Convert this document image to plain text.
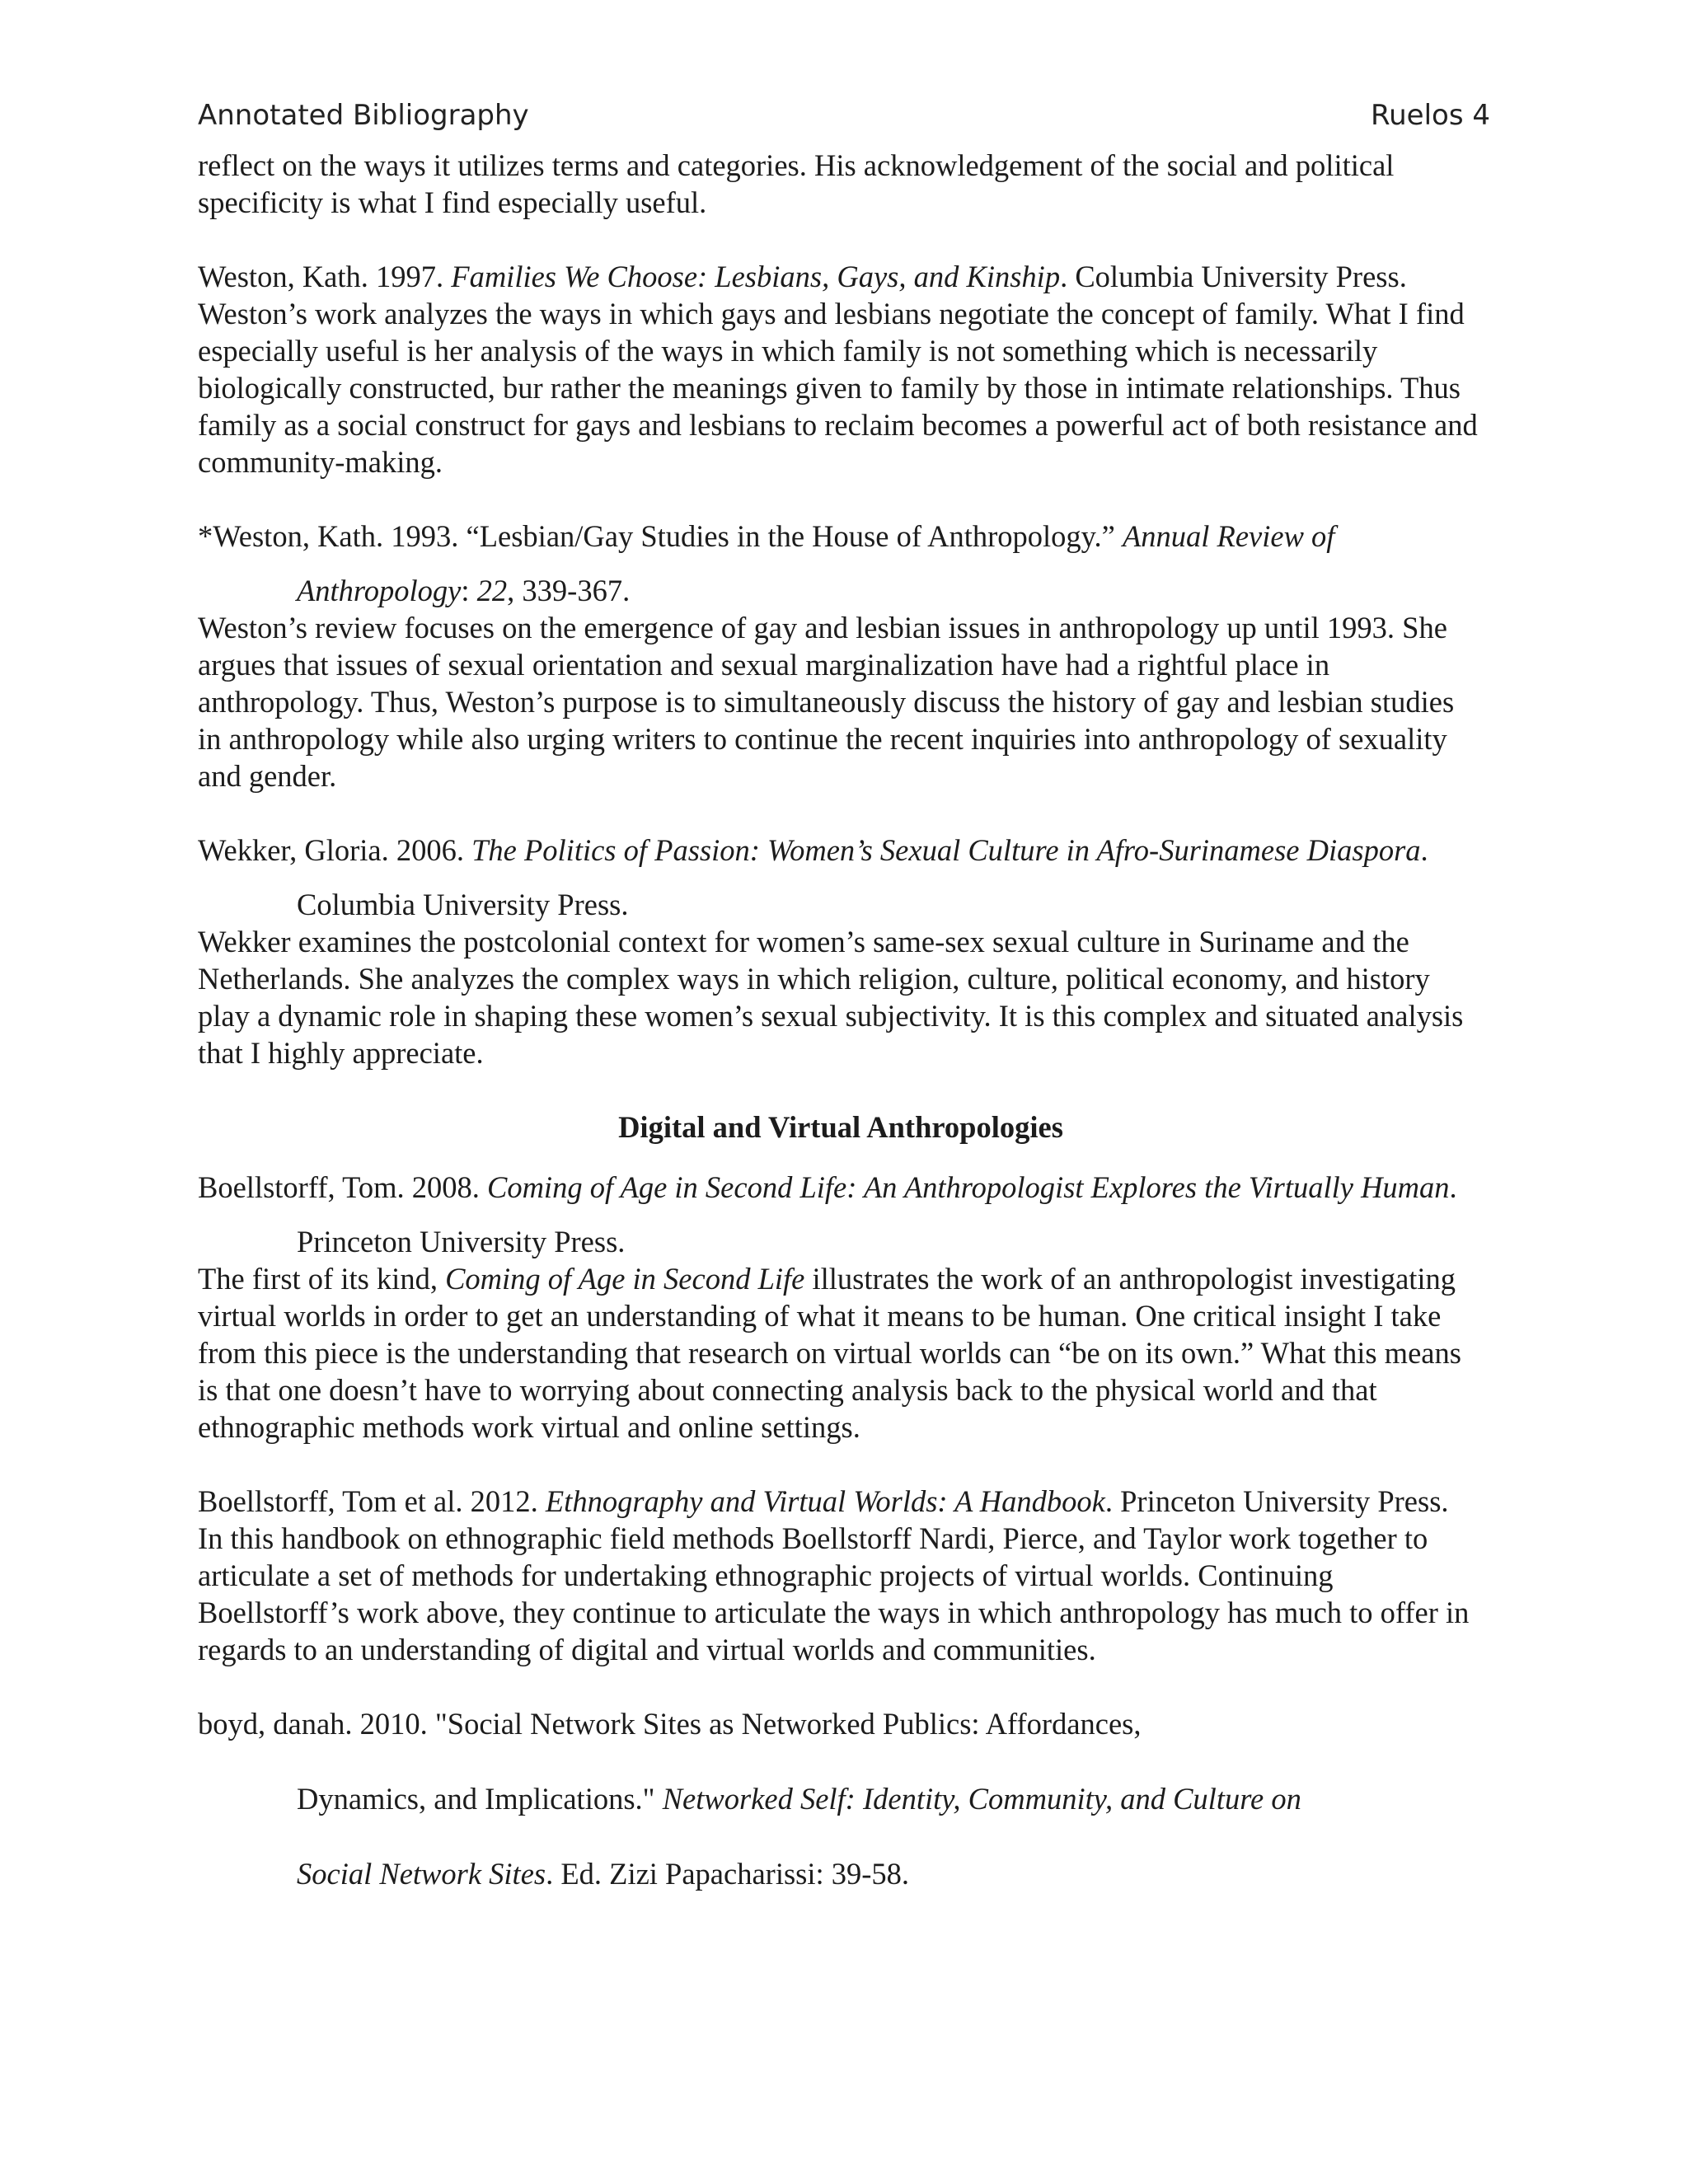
Annotated Bibliography	Ruelos 4

reflect on the ways it utilizes terms and categories. His acknowledgement of the social and political specificity is what I find especially useful.

Weston, Kath. 1997. Families We Choose: Lesbians, Gays, and Kinship. Columbia University Press.

Weston’s work analyzes the ways in which gays and lesbians negotiate the concept of family. What I find especially useful is her analysis of the ways in which family is not something which is necessarily biologically constructed, bur rather the meanings given to family by those in intimate relationships. Thus family as a social construct for gays and lesbians to reclaim becomes a powerful act of both resistance and community-making.

*Weston, Kath. 1993. “Lesbian/Gay Studies in the House of Anthropology.” Annual Review of

Anthropology: 22, 339-367.

Weston’s review focuses on the emergence of gay and lesbian issues in anthropology up until 1993. She argues that issues of sexual orientation and sexual marginalization have had a rightful place in anthropology. Thus, Weston’s purpose is to simultaneously discuss the history of gay and lesbian studies in anthropology while also urging writers to continue the recent inquiries into anthropology of sexuality and gender.

Wekker, Gloria. 2006. The Politics of Passion: Women’s Sexual Culture in Afro-Surinamese Diaspora.

Columbia University Press.

Wekker examines the postcolonial context for women’s same-sex sexual culture in Suriname and the Netherlands. She analyzes the complex ways in which religion, culture, political economy, and history play a dynamic role in shaping these women’s sexual subjectivity. It is this complex and situated analysis that I highly appreciate.

Digital and Virtual Anthropologies

Boellstorff, Tom. 2008. Coming of Age in Second Life: An Anthropologist Explores the Virtually Human.

Princeton University Press.

The first of its kind, Coming of Age in Second Life illustrates the work of an anthropologist investigating virtual worlds in order to get an understanding of what it means to be human. One critical insight I take from this piece is the understanding that research on virtual worlds can “be on its own.” What this means is that one doesn’t have to worrying about connecting analysis back to the physical world and that ethnographic methods work virtual and online settings.

Boellstorff, Tom et al. 2012. Ethnography and Virtual Worlds: A Handbook. Princeton University Press.

In this handbook on ethnographic field methods Boellstorff Nardi, Pierce, and Taylor work together to articulate a set of methods for undertaking ethnographic projects of virtual worlds. Continuing Boellstorff’s work above, they continue to articulate the ways in which anthropology has much to offer in regards to an understanding of digital and virtual worlds and communities.

boyd, danah. 2010. "Social Network Sites as Networked Publics: Affordances,

Dynamics, and Implications." Networked Self: Identity, Community, and Culture on

Social Network Sites. Ed. Zizi Papacharissi: 39-58.
